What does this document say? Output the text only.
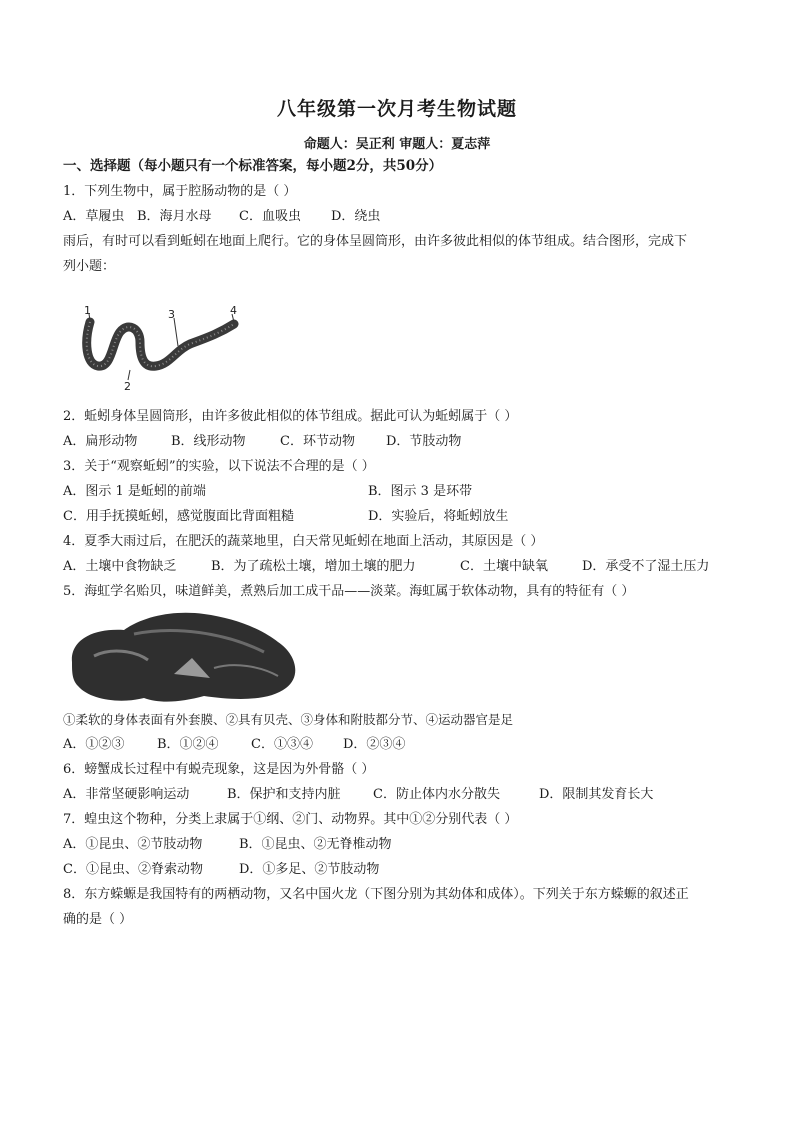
八年级第一次月考生物试题
命题人：吴正利 审题人：夏志萍
一、选择题（每小题只有一个标准答案，每小题2分，共50分）
1．下列生物中，属于腔肠动物的是（ ）
A．草履虫 B．海月水母 C．血吸虫 D．绕虫
雨后，有时可以看到蚯蚓在地面上爬行。它的身体呈圆筒形，由许多彼此相似的体节组成。结合图形，完成下
列小题：
1
2
3	4
2．蚯蚓身体呈圆筒形，由许多彼此相似的体节组成。据此可认为蚯蚓属于（ ）
A．扁形动物	B．线形动物	C．环节动物 D．节肢动物
3．关于“观察蚯蚓”的实验，以下说法不合理的是（ ）
A．图示 1 是蚯蚓的前端	B．图示 3 是环带
C．用手抚摸蚯蚓，感觉腹面比背面粗糙	D．实验后，将蚯蚓放生
4．夏季大雨过后，在肥沃的蔬菜地里，白天常见蚯蚓在地面上活动，其原因是（ ）
A．土壤中食物缺乏	B．为了疏松土壤，增加土壤的肥力	C．土壤中缺氧	D．承受不了湿土压力
5．海虹学名贻贝，味道鲜美，煮熟后加工成干品——淡菜。海虹属于软体动物，具有的特征有（ ）
①柔软的身体表面有外套膜、②具有贝壳、③身体和附肢都分节、④运动器官是足
A．①②③	B．①②④ C．①③④ D．②③④
6．螃蟹成长过程中有蜕壳现象，这是因为外骨骼（ ）
A．非常坚硬影响运动	B．保护和支持内脏 C．防止体内水分散失	D．限制其发育长大
7．蝗虫这个物种，分类上隶属于①纲、②门、动物界。其中①②分别代表（ ）
A．①昆虫、②节肢动物	B．①昆虫、②无脊椎动物
C．①昆虫、②脊索动物	D．①多足、②节肢动物
8．东方蝾螈是我国特有的两栖动物，又名中国火龙（下图分别为其幼体和成体）。下列关于东方蝾螈的叙述正
确的是（ ）
